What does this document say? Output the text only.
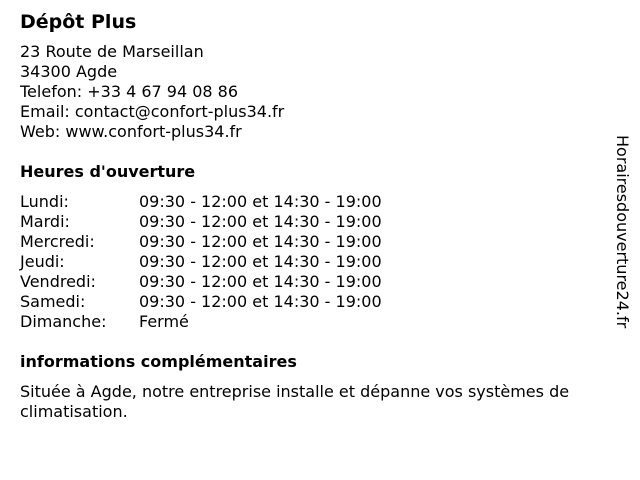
Dépôt Plus
23 Route de Marseillan
34300 Agde
Telefon: +33 4 67 94 08 86
Email: contact@confort-plus34.fr
Web: www.confort-plus34.fr
Heures d'ouverture
Lundi:	09:30 - 12:00 et 14:30 - 19:00
Mardi:	09:30 - 12:00 et 14:30 - 19:00
Mercredi:	09:30 - 12:00 et 14:30 - 19:00
Jeudi:	09:30 - 12:00 et 14:30 - 19:00
Vendredi:	09:30 - 12:00 et 14:30 - 19:00
Samedi:	09:30 - 12:00 et 14:30 - 19:00
Dimanche:	Fermé
informations complémentaires
Située à Agde, notre entreprise installe et dépanne vos systèmes de climatisation.
Horairesdouverture24.fr
